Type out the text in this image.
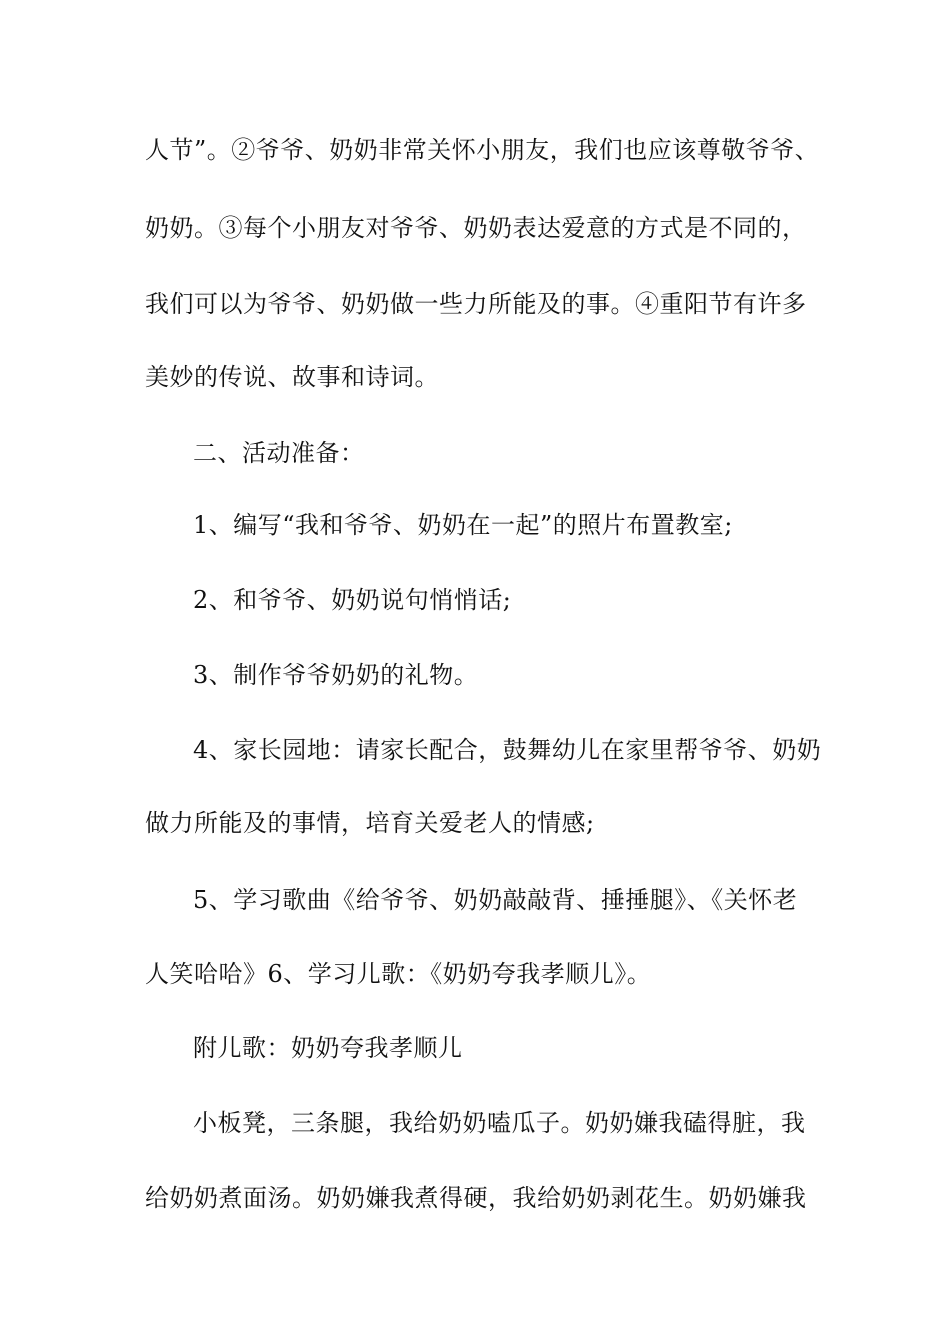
人节”。②爷爷、奶奶非常关怀小朋友，我们也应该尊敬爷爷、
奶奶。③每个小朋友对爷爷、奶奶表达爱意的方式是不同的，
我们可以为爷爷、奶奶做一些力所能及的事。④重阳节有许多
美妙的传说、故事和诗词。
二、活动准备：
1、编写“我和爷爷、奶奶在一起”的照片布置教室;
2、和爷爷、奶奶说句悄悄话;
3、制作爷爷奶奶的礼物。
4、家长园地：请家长配合，鼓舞幼儿在家里帮爷爷、奶奶
做力所能及的事情，培育关爱老人的情感;
5、学习歌曲《给爷爷、奶奶敲敲背、捶捶腿》、《关怀老
人笑哈哈》6、学习儿歌：《奶奶夸我孝顺儿》。
附儿歌：奶奶夸我孝顺儿
小板凳，三条腿，我给奶奶嗑瓜子。奶奶嫌我磕得脏，我
给奶奶煮面汤。奶奶嫌我煮得硬，我给奶奶剥花生。奶奶嫌我
